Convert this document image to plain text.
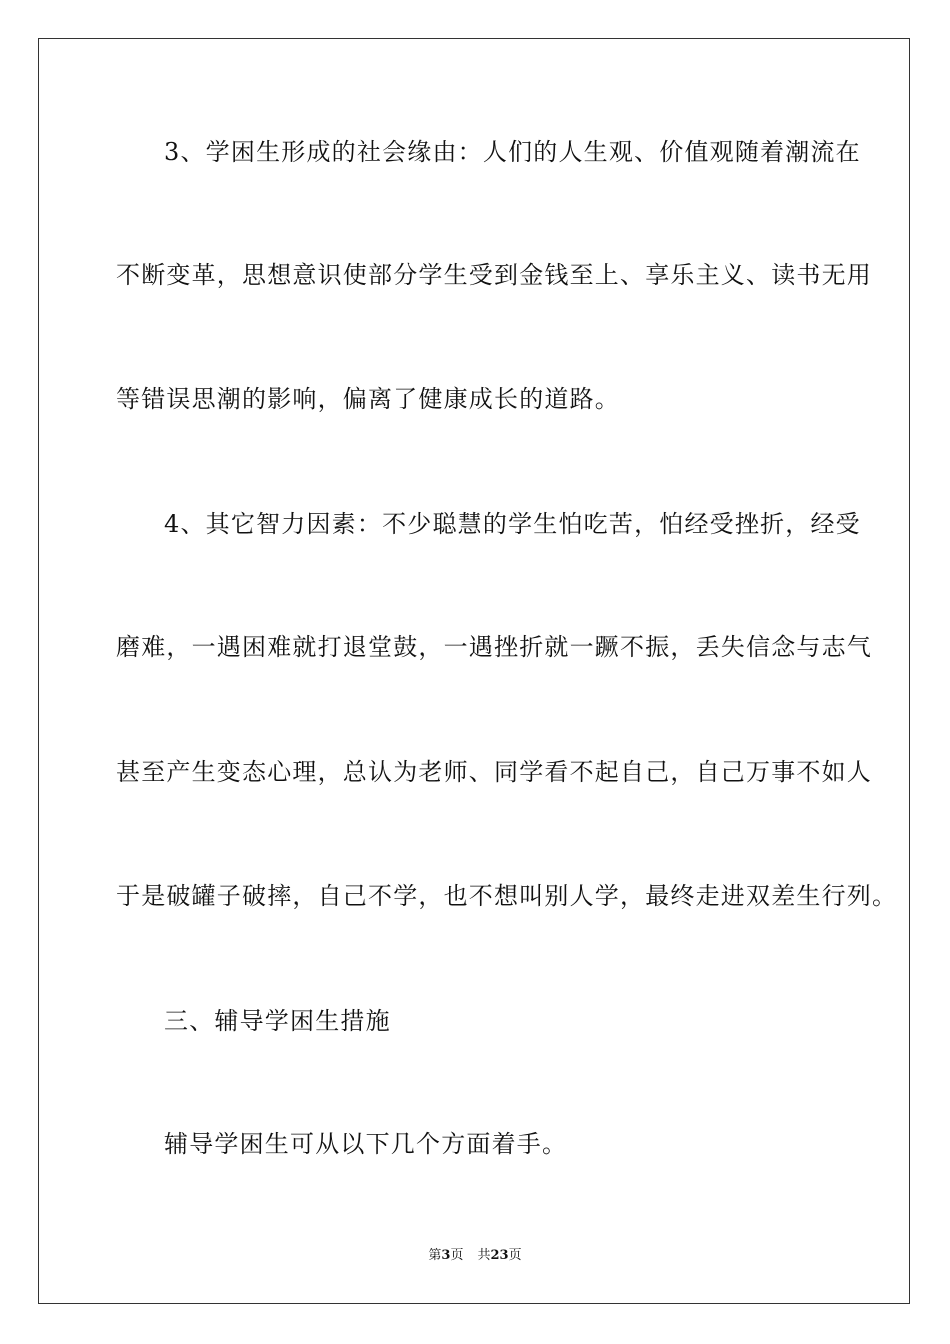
3、学困生形成的社会缘由：人们的人生观、价值观随着潮流在
不断变革，思想意识使部分学生受到金钱至上、享乐主义、读书无用
等错误思潮的影响，偏离了健康成长的道路。
4、其它智力因素：不少聪慧的学生怕吃苦，怕经受挫折，经受
磨难，一遇困难就打退堂鼓，一遇挫折就一蹶不振，丢失信念与志气
甚至产生变态心理，总认为老师、同学看不起自己，自己万事不如人
于是破罐子破摔，自己不学，也不想叫别人学，最终走进双差生行列。
三、辅导学困生措施
辅导学困生可从以下几个方面着手。
第3页 共23页
